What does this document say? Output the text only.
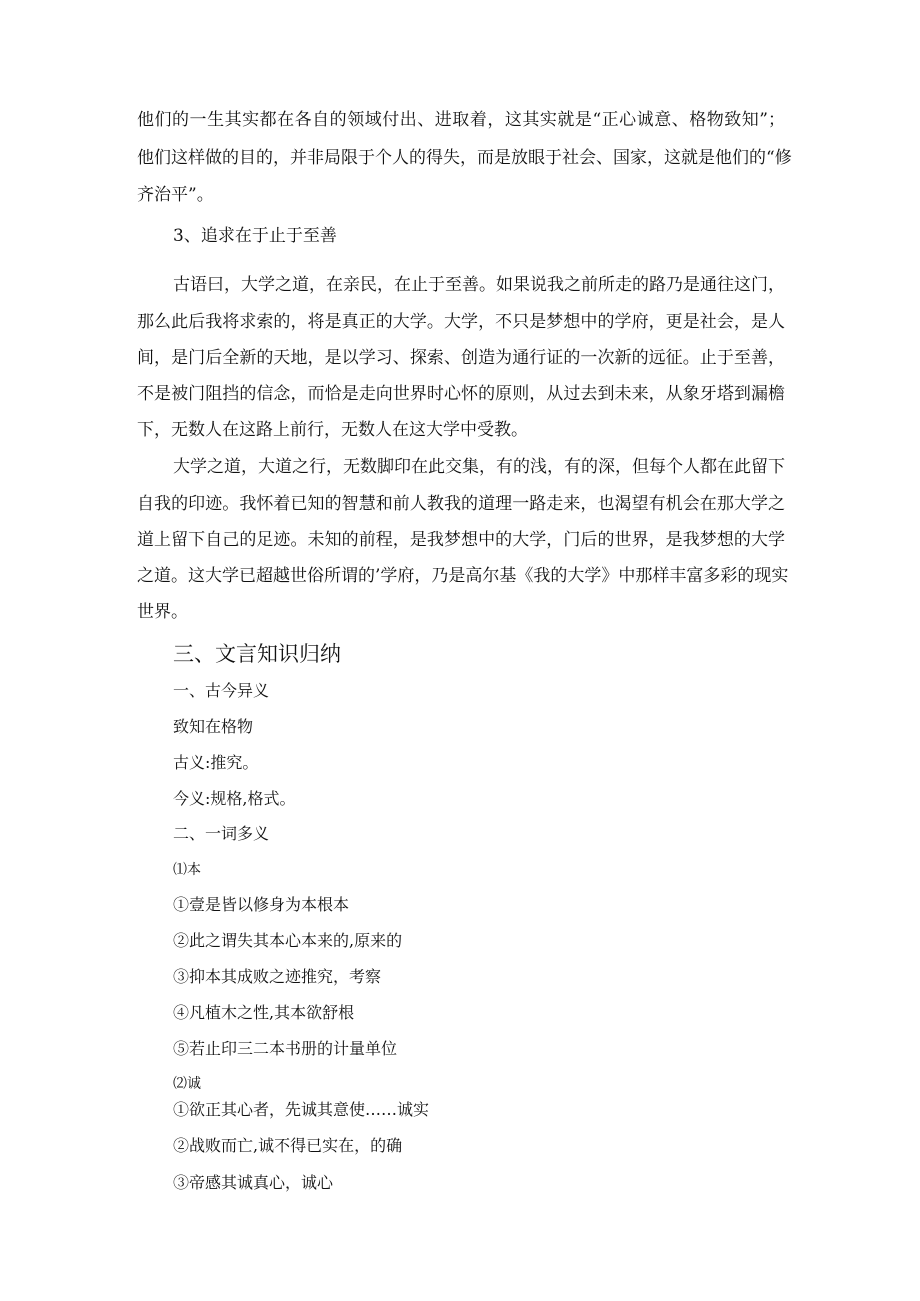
他们的一生其实都在各自的领域付出、进取着，这其实就是“正心诚意、格物致知”；
他们这样做的目的，并非局限于个人的得失，而是放眼于社会、国家，这就是他们的“修
齐治平”。
3、追求在于止于至善
古语曰，大学之道，在亲民，在止于至善。如果说我之前所走的路乃是通往这门，
那么此后我将求索的，将是真正的大学。大学，不只是梦想中的学府，更是社会，是人
间，是门后全新的天地，是以学习、探索、创造为通行证的一次新的远征。止于至善，
不是被门阻挡的信念，而恰是走向世界时心怀的原则，从过去到未来，从象牙塔到漏檐
下，无数人在这路上前行，无数人在这大学中受教。
大学之道，大道之行，无数脚印在此交集，有的浅，有的深，但每个人都在此留下
自我的印迹。我怀着已知的智慧和前人教我的道理一路走来，也渴望有机会在那大学之
道上留下自己的足迹。未知的前程，是我梦想中的大学，门后的世界，是我梦想的大学
之道。这大学已超越世俗所谓的’学府，乃是高尔基《我的大学》中那样丰富多彩的现实
世界。
三、文言知识归纳
一、古今异义
致知在格物
古义:推究。
今义:规格,格式。
二、一词多义
⑴本
①壹是皆以修身为本根本
②此之谓失其本心本来的,原来的
③抑本其成败之迹推究，考察
④凡植木之性,其本欲舒根
⑤若止印三二本书册的计量单位
⑵诚
①欲正其心者，先诚其意使……诚实
②战败而亡,诚不得已实在，的确
③帝感其诚真心，诚心
